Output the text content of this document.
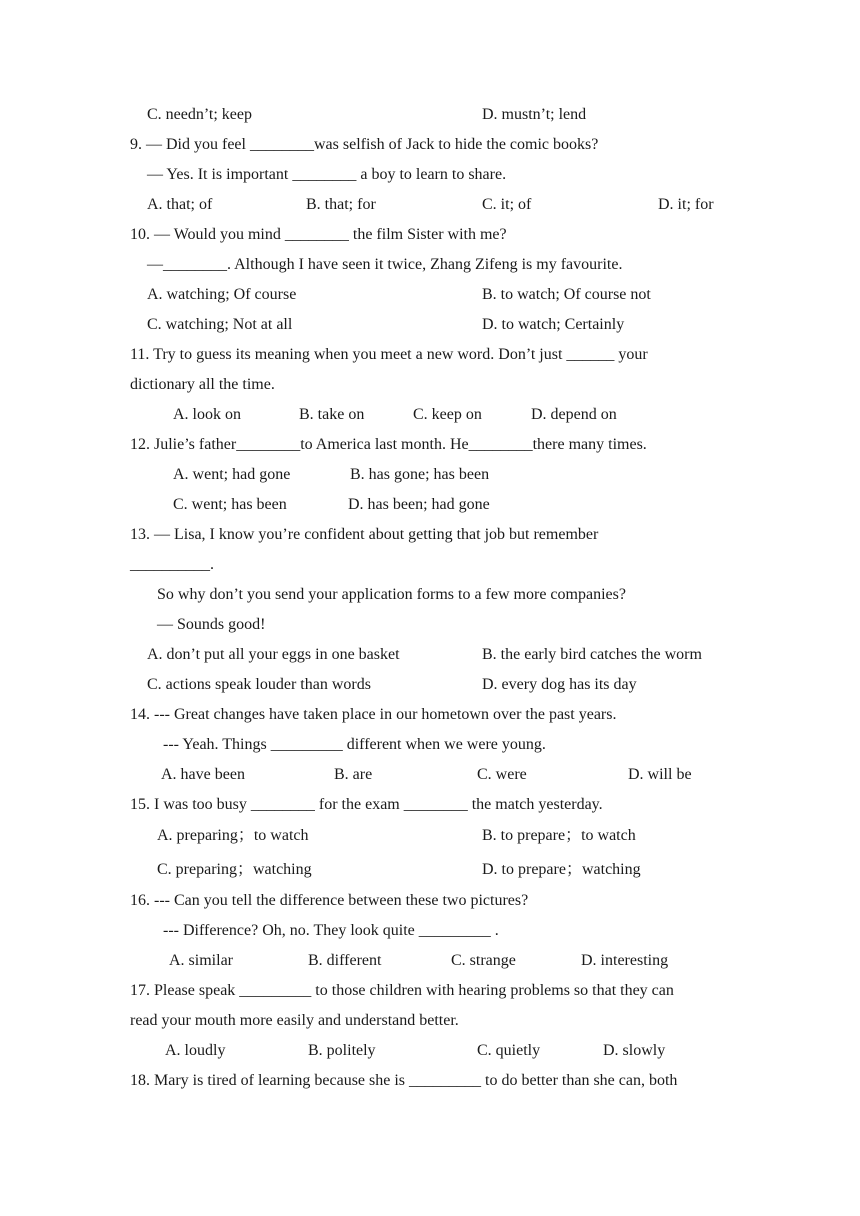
C. needn’t; keep	D. mustn’t; lend
9. — Did you feel ________was selfish of Jack to hide the comic books?
— Yes. It is important ________ a boy to learn to share.
A. that; of	B. that; for	C. it; of	D. it; for
10. — Would you mind ________ the film Sister with me?
—________. Although I have seen it twice, Zhang Zifeng is my favourite.
A. watching; Of course	B. to watch; Of course not
C. watching; Not at all	D. to watch; Certainly
11. Try to guess its meaning when you meet a new word. Don’t just ______ your
dictionary all the time.
A. look on	B. take on	C. keep on	D. depend on
12. Julie’s father________to America last month. He________there many times.
A. went; had gone	B. has gone; has been
C. went; has been	D. has been; had gone
13. — Lisa, I know you’re confident about getting that job but remember
__________.
So why don’t you send your application forms to a few more companies?
— Sounds good!
A. don’t put all your eggs in one basket	B. the early bird catches the worm
C. actions speak louder than words	D. every dog has its day
14. --- Great changes have taken place in our hometown over the past years.
--- Yeah. Things _________ different when we were young.
A. have been	B. are	C. were	D. will be
15. I was too busy ________ for the exam ________ the match yesterday.
A. preparing；to watch	B. to prepare；to watch
C. preparing；watching	D. to prepare；watching
16. --- Can you tell the difference between these two pictures?
--- Difference? Oh, no. They look quite _________ .
A. similar	B. different	C. strange	D. interesting
17. Please speak _________ to those children with hearing problems so that they can
read your mouth more easily and understand better.
A. loudly	B. politely	C. quietly	D. slowly
18. Mary is tired of learning because she is _________ to do better than she can, both
